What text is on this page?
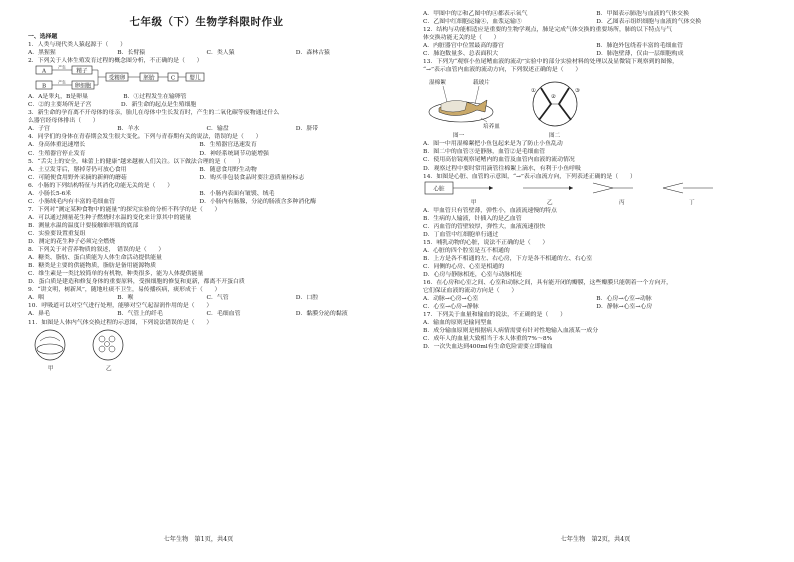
七年级（下）生物学科限时作业
一、选择题
1．人类与现代类人猿起源于（　　）
A．黑猩猩	B．长臂猿	C．类人猿	D．森林古猿
2．下列关于人体生殖发育过程的概念图分析，不正确的是（　　）
A
B
产生
产生
精子
卵细胞
受精卵	胚胎	C	婴儿
A．A是睾丸，B是卵巢　　　　　　B．①过程发生在输卵管
C．②的主要场所是子宫　　　　　D．新生命的起点是生殖细胞
3．新生命的孕育离不开母体的母亲，胎儿在母体中生长发育时，产生的二氧化碳等废物通过什么
么器官经母体排出（　　）
A．子宫	B．羊水	C．输盘	D．脐带
4．同学们的身体在青春期会发生很大变化。下列与青春期有关的说法，错误的是（　　）
A．身高体重迅速增长	B．生殖器官迅速发育
C．生殖器官停止发育	D．神经系统调节功能增强
5．“舌尖上的安全，味蕾上的健康”越来越被人们关注。以下做法合理的是（　　）
A．土豆发芽后，掰掉芽仍可放心食用	B．随意食用野生动物
C．可随便食用野外采摘的新鲜的蘑菇	D．购买非包装食品时要注意质量检标志
6．小肠的下列结构特征与其消化功能无关的是（　　）
A．小肠长5-6米	B．小肠内表面有皱襞、绒毛
C．小肠绒毛内有丰富的毛细血管	D．小肠内有肠腺，分泌的肠液含多种消化酶
7．下列对“测定某种食物中的能量”的探究实验的分析不科学的是（　　）
A．可以通过测量花生种子燃烧时水温的变化来计算其中的能量
B．测量水温的温度计要接触锥形瓶的底部
C．实验要设置重复组
D．测定的花生种子必须完全燃烧
8．下列关于对营养物质的叙述，　错误的是（　　）
A．糖类、脂肪、蛋白质能为人体生命活动提供能量
B．糖类是主要的供能物质，脂肪是备用能源物质
C．维生素是一类比较简单的有机物，种类很多，能为人体提供能量
D．蛋白质是建造和修复身体的重要原料，受损细胞的修复和更新，都离不开蛋白质
9．“讲文明，树新风”，随地吐痰不卫生，易传播疾病，痰形成于（　　）
A．咽	B．喉	C．气管	D．口腔
10．呼吸道可以对空气进行处理，能够对空气起湿润作用的是（　　）
A．鼻毛	B．气管上的纤毛	C．毛细血管	D．黏膜分泌的黏液
11．如图是人体内气体交换过程的示意图，下列说法错误的是（　　）
甲	乙
七年生物　第1页，共4页
A．甲图中的②和乙图中的④都表示氧气	B．甲图表示肺泡与血液的气体交换
C．乙图中红细胞运输④，血浆运输⑤	D．乙图表示组织细胞与血液的气体交换
12．结构与功能相适应是重要的生物学观点，肺是完成气体交换的重要场所，肺的以下特点与气
体交换功能无关的是（　　）
A．内脏器官中位置最高的器官	B．肺泡外包绕着丰富的毛细血管
C．肺泡数量多、总表面积大	D．肺泡壁薄，仅由一层细胞构成
13．下列为“观察小鱼尾鳍血液的流动”实验中的部分实验材料的处理以及显微镜下观察到的图像，
“→”表示血管内血液的流动方向，下列叙述正确的是（　　）
湿棉絮	载玻片
培养皿
图一
①
②
③
图二
A．图一中用湿棉絮把小鱼包起来是为了防止小鱼乱动
B．图二中的血管③是静脉，血管②是毛细血管
C．使用高倍镜观察尾鳍内的血管及血管内血液的流动情况
D．观察过程中要时常用滴管往棉絮上滴水，有利于小鱼呼吸
14．如图是心脏、血管的示意图，“→”表示血流方向，下列表述正确的是（　　）
心脏
甲	乙	丙	丁
A．甲血管只有管壁薄，弹性小，血液流速慢的特点
B．生病的人输液，针插入的是乙血管
C．丙血管的管壁较厚，弹性大，血液流速很快
D．丁血管中红细胞单行通过
15．哺乳动物的心脏，说法不正确的是（　　）
A．心脏的四个腔室是互不相通的
B．上方是各不相通的左、右心房，下方是各不相通的左、右心室
C．同侧的心房、心室是相通的
D．心房与静脉相连，心室与动脉相连
16．在心房和心室之间、心室和动脉之间，具有能开闭的瓣膜，这些瓣膜只能朝着一个方向开，
它们保证血液的流动方向是（　　）
A．动脉→心房→心室	B．心房→心室→动脉
C．心室→心房→静脉	D．静脉→心室→心房
17．下列关于血量和输血的说法，不正确的是（　　）
A．输血的原则是输同型血
B．成分输血原则是根据病人病情需要有针对性地输入血液某一成分
C．成年人的血量大致相当于本人体重的7%～8%
D．一次失血达到400ml有生命危险需要立即输血
七年生物　第2页，共4页
